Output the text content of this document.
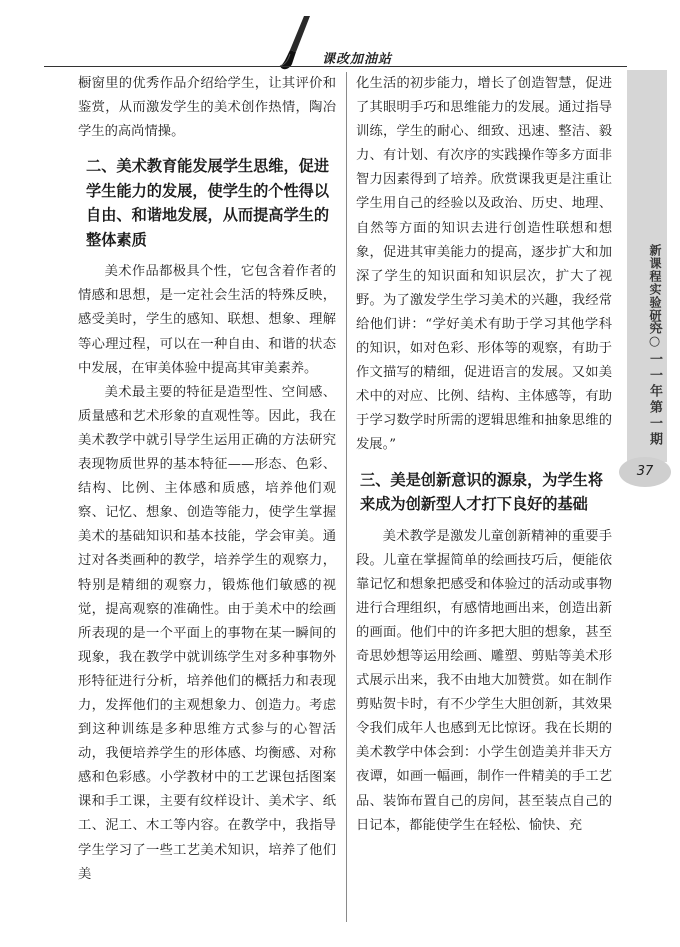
课改加油站

橱窗里的优秀作品介绍给学生，让其评价和鉴赏，从而激发学生的美术创作热情，陶冶学生的高尚情操。

二、美术教育能发展学生思维，促进学生能力的发展，使学生的个性得以自由、和谐地发展，从而提高学生的整体素质

美术作品都极具个性，它包含着作者的情感和思想，是一定社会生活的特殊反映，感受美时，学生的感知、联想、想象、理解等心理过程，可以在一种自由、和谐的状态中发展，在审美体验中提高其审美素养。

美术最主要的特征是造型性、空间感、质量感和艺术形象的直观性等。因此，我在美术教学中就引导学生运用正确的方法研究表现物质世界的基本特征——形态、色彩、结构、比例、主体感和质感，培养他们观察、记忆、想象、创造等能力，使学生掌握美术的基础知识和基本技能，学会审美。通过对各类画种的教学，培养学生的观察力，特别是精细的观察力，锻炼他们敏感的视觉，提高观察的准确性。由于美术中的绘画所表现的是一个平面上的事物在某一瞬间的现象，我在教学中就训练学生对多种事物外形特征进行分析，培养他们的概括力和表现力，发挥他们的主观想象力、创造力。考虑到这种训练是多种思维方式参与的心智活动，我便培养学生的形体感、均衡感、对称感和色彩感。小学教材中的工艺课包括图案课和手工课，主要有纹样设计、美术字、纸工、泥工、木工等内容。在教学中，我指导学生学习了一些工艺美术知识，培养了他们美

化生活的初步能力，增长了创造智慧，促进了其眼明手巧和思维能力的发展。通过指导训练，学生的耐心、细致、迅速、整洁、毅力、有计划、有次序的实践操作等多方面非智力因素得到了培养。欣赏课我更是注重让学生用自己的经验以及政治、历史、地理、自然等方面的知识去进行创造性联想和想象，促进其审美能力的提高，逐步扩大和加深了学生的知识面和知识层次，扩大了视野。为了激发学生学习美术的兴趣，我经常给他们讲：“学好美术有助于学习其他学科的知识，如对色彩、形体等的观察，有助于作文描写的精细，促进语言的发展。又如美术中的对应、比例、结构、主体感等，有助于学习数学时所需的逻辑思维和抽象思维的发展。”

三、美是创新意识的源泉，为学生将来成为创新型人才打下良好的基础

美术教学是激发儿童创新精神的重要手段。儿童在掌握简单的绘画技巧后，便能依靠记忆和想象把感受和体验过的活动或事物进行合理组织，有感情地画出来，创造出新的画面。他们中的许多把大胆的想象，甚至奇思妙想等运用绘画、雕塑、剪贴等美术形式展示出来，我不由地大加赞赏。如在制作剪贴贺卡时，有不少学生大胆创新，其效果令我们成年人也感到无比惊讶。我在长期的美术教学中体会到：小学生创造美并非天方夜谭，如画一幅画，制作一件精美的手工艺品、装饰布置自己的房间，甚至装点自己的日记本，都能使学生在轻松、愉快、充

新课程实验研究
二○一一年第一期
37
